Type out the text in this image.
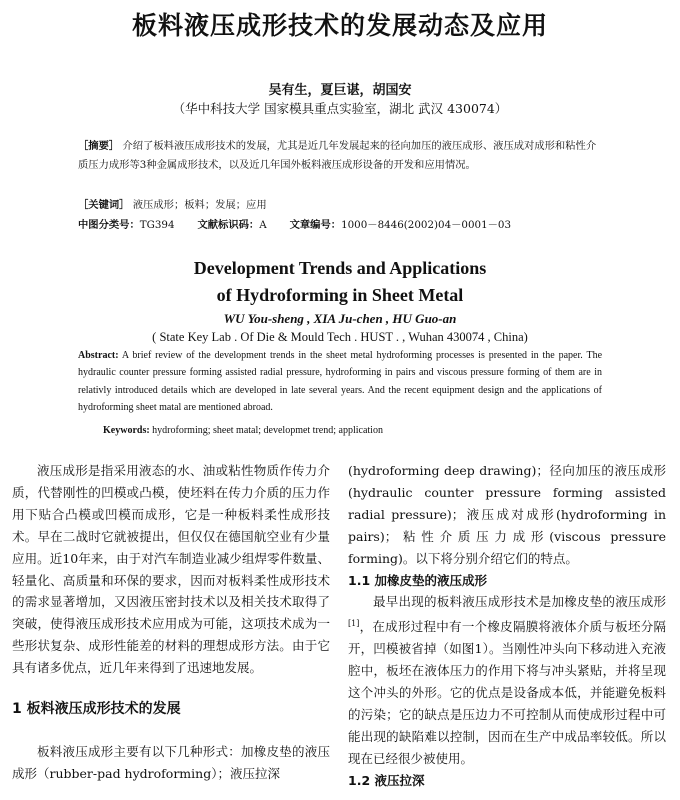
板料液压成形技术的发展动态及应用
吴有生，夏巨谌，胡国安
（华中科技大学 国家模具重点实验室，湖北 武汉 430074）
［摘要］ 介绍了板料液压成形技术的发展，尤其是近几年发展起来的径向加压的液压成形、液压成对成形和粘性介质压力成形等3种金属成形技术，以及近几年国外板料液压成形设备的开发和应用情况。
［关键词］ 液压成形；板料；发展；应用
中图分类号：TG394 文献标识码：A 文章编号：1000－8446(2002)04－0001－03
Development Trends and Applications
of Hydroforming in Sheet Metal
WU You-sheng , XIA Ju-chen , HU Guo-an
( State Key Lab . Of Die & Mould Tech . HUST . , Wuhan 430074 , China)
Abstract: A brief review of the development trends in the sheet metal hydroforming processes is presented in the paper. The hydraulic counter pressure forming assisted radial pressure, hydroforming in pairs and viscous pressure forming of them are in relativly introduced details which are developed in late several years. And the recent equipment design and the applications of hydroforming sheet matal are mentioned abroad.
Keywords: hydroforming; sheet matal; developmet trend; application

液压成形是指采用液态的水、油或粘性物质作传力介质，代替刚性的凹模或凸模，使坯料在传力介质的压力作用下贴合凸模或凹模而成形，它是一种板料柔性成形技术。早在二战时它就被提出，但仅仅在德国航空业有少量应用。近10年来，由于对汽车制造业减少组焊零件数量、轻量化、高质量和环保的要求，因而对板料柔性成形技术的需求显著增加，又因液压密封技术以及相关技术取得了突破，使得液压成形技术应用成为可能，这项技术成为一些形状复杂、成形性能差的材料的理想成形方法。由于它具有诸多优点，近几年来得到了迅速地发展。

1 板料液压成形技术的发展

板料液压成形主要有以下几种形式：加橡皮垫的液压成形（rubber-pad hydroforming）；液压拉深

(hydroforming deep drawing)；径向加压的液压成形(hydraulic counter pressure forming assisted radial pressure)；液压成对成形(hydroforming in pairs)；粘性介质压力成形(viscous pressure forming)。以下将分别介绍它们的特点。

1.1 加橡皮垫的液压成形

最早出现的板料液压成形技术是加橡皮垫的液压成形[1]，在成形过程中有一个橡皮隔膜将液体介质与板坯分隔开，凹模被省掉（如图1）。当刚性冲头向下移动进入充液腔中，板坯在液体压力的作用下将与冲头紧贴，并将呈现这个冲头的外形。它的优点是设备成本低，并能避免板料的污染；它的缺点是压边力不可控制从而使成形过程中可能出现的缺陷难以控制，因而在生产中成品率较低。所以现在已经很少被使用。

1.2 液压拉深
